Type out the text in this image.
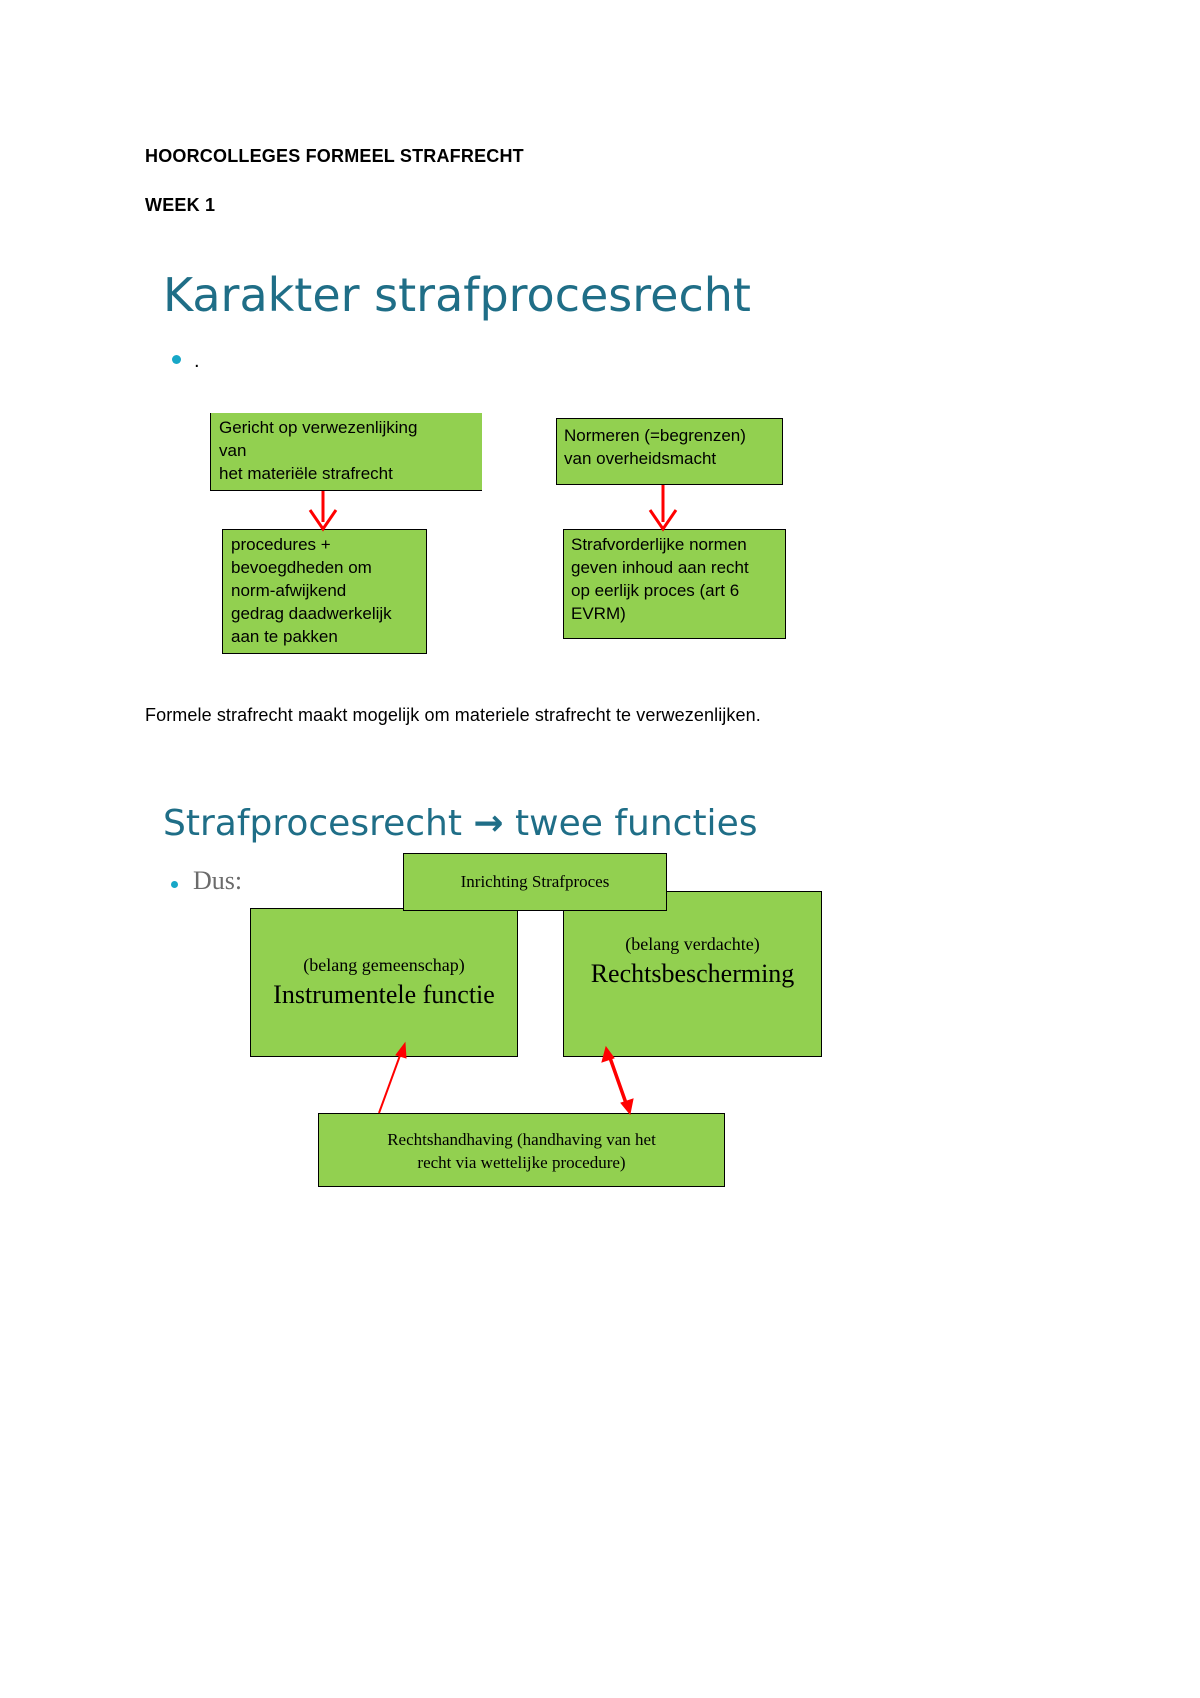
HOORCOLLEGES FORMEEL STRAFRECHT
WEEK 1
Karakter strafprocesrecht
.
Gericht op verwezenlijking
van
het materiële strafrecht
procedures +
bevoegdheden om
norm-afwijkend
gedrag daadwerkelijk
aan te pakken
Normeren (=begrenzen)
van overheidsmacht
Strafvorderlijke normen
geven inhoud aan recht
op eerlijk proces (art 6
EVRM)
Formele strafrecht maakt mogelijk om materiele strafrecht te verwezenlijken.
Strafprocesrecht → twee functies
Dus:
(belang verdachte)
Rechtsbescherming
(belang gemeenschap)
Instrumentele functie
Inrichting Strafproces
Rechtshandhaving (handhaving van het
recht via wettelijke procedure)
